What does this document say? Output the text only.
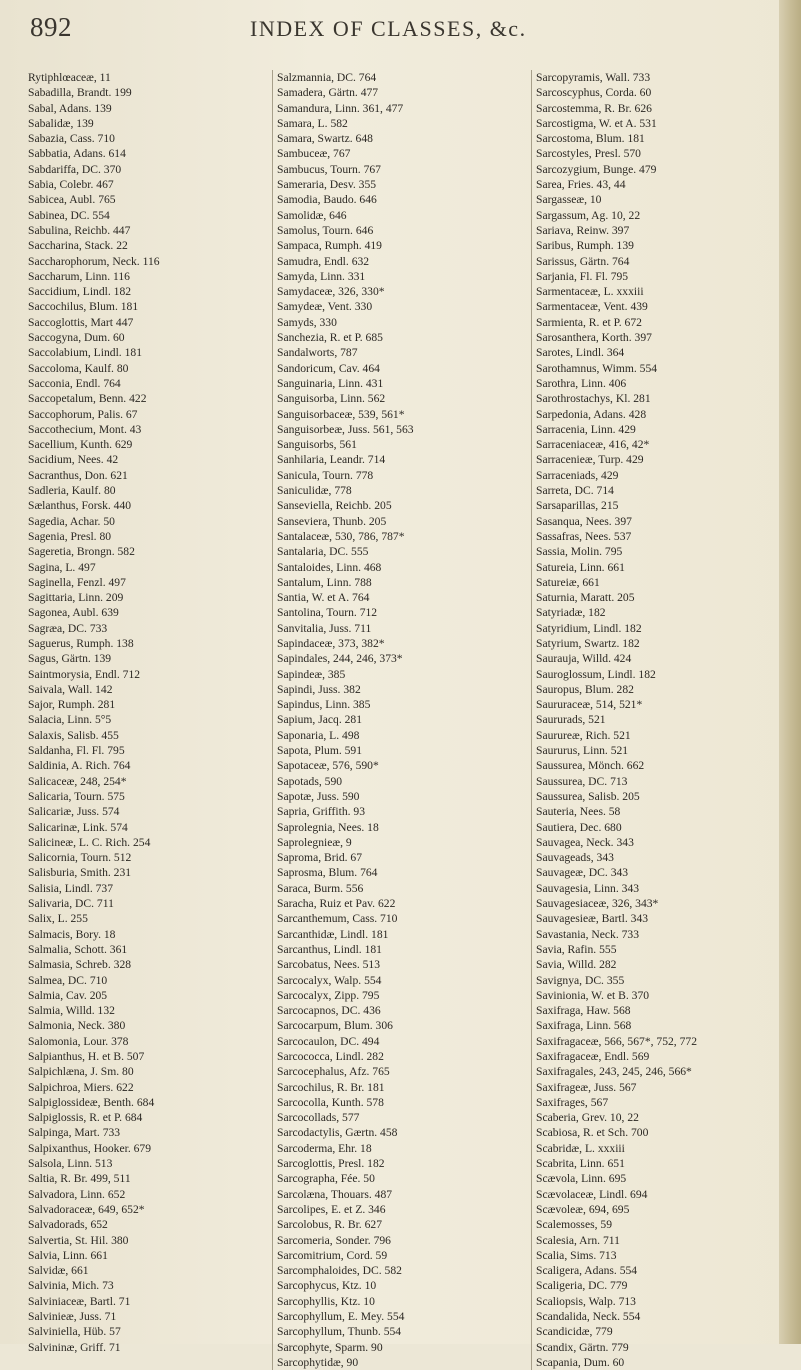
892	INDEX OF CLASSES, &c.
Rytiphlœaceæ, 11
Sabadilla, Brandt. 199
Sabal, Adans. 139
Sabalidæ, 139
Sabazia, Cass. 710
Sabbatia, Adans. 614
Sabdariffa, DC. 370
Sabia, Colebr. 467
Sabicea, Aubl. 765
Sabinea, DC. 554
Sabulina, Reichb. 447
Saccharina, Stack. 22
Saccharophorum, Neck. 116
Saccharum, Linn. 116
Saccidium, Lindl. 182
Saccochilus, Blum. 181
Saccoglottis, Mart 447
Saccogyna, Dum. 60
Saccolabium, Lindl. 181
Saccoloma, Kaulf. 80
Sacconia, Endl. 764
Saccopetalum, Benn. 422
Saccophorum, Palis. 67
Saccothecium, Mont. 43
Sacellium, Kunth. 629
Sacidium, Nees. 42
Sacranthus, Don. 621
Sadleria, Kaulf. 80
Sælanthus, Forsk. 440
Sagedia, Achar. 50
Sagenia, Presl. 80
Sageretia, Brongn. 582
Sagina, L. 497
Saginella, Fenzl. 497
Sagittaria, Linn. 209
Sagonea, Aubl. 639
Sagræa, DC. 733
Saguerus, Rumph. 138
Sagus, Gärtn. 139
Saintmorysia, Endl. 712
Saivala, Wall. 142
Sajor, Rumph. 281
Salacia, Linn. 5°5
Salaxis, Salisb. 455
Saldanha, Fl. Fl. 795
Saldinia, A. Rich. 764
Salicaceæ, 248, 254*
Salicaria, Tourn. 575
Salicariæ, Juss. 574
Salicarinæ, Link. 574
Salicineæ, L. C. Rich. 254
Salicornia, Tourn. 512
Salisburia, Smith. 231
Salisia, Lindl. 737
Salivaria, DC. 711
Salix, L. 255
Salmacis, Bory. 18
Salmalia, Schott. 361
Salmasia, Schreb. 328
Salmea, DC. 710
Salmia, Cav. 205
Salmia, Willd. 132
Salmonia, Neck. 380
Salomonia, Lour. 378
Salpianthus, H. et B. 507
Salpichlæna, J. Sm. 80
Salpichroa, Miers. 622
Salpiglossideæ, Benth. 684
Salpiglossis, R. et P. 684
Salpinga, Mart. 733
Salpixanthus, Hooker. 679
Salsola, Linn. 513
Saltia, R. Br. 499, 511
Salvadora, Linn. 652
Salvadoraceæ, 649, 652*
Salvadorads, 652
Salvertia, St. Hil. 380
Salvia, Linn. 661
Salvidæ, 661
Salvinia, Mich. 73
Salviniaceæ, Bartl. 71
Salvinieæ, Juss. 71
Salviniella, Hüb. 57
Salvininæ, Griff. 71
Salzmannia, DC. 764
Samadera, Gärtn. 477
Samandura, Linn. 361, 477
Samara, L. 582
Samara, Swartz. 648
Sambuceæ, 767
Sambucus, Tourn. 767
Sameraria, Desv. 355
Samodia, Baudo. 646
Samolidæ, 646
Samolus, Tourn. 646
Sampaca, Rumph. 419
Samudra, Endl. 632
Samyda, Linn. 331
Samydaceæ, 326, 330*
Samydeæ, Vent. 330
Samyds, 330
Sanchezia, R. et P. 685
Sandalworts, 787
Sandoricum, Cav. 464
Sanguinaria, Linn. 431
Sanguisorba, Linn. 562
Sanguisorbaceæ, 539, 561*
Sanguisorbeæ, Juss. 561, 563
Sanguisorbs, 561
Sanhilaria, Leandr. 714
Sanicula, Tourn. 778
Saniculidæ, 778
Sanseviella, Reichb. 205
Sanseviera, Thunb. 205
Santalaceæ, 530, 786, 787*
Santalaria, DC. 555
Santaloides, Linn. 468
Santalum, Linn. 788
Santia, W. et A. 764
Santolina, Tourn. 712
Sanvitalia, Juss. 711
Sapindaceæ, 373, 382*
Sapindales, 244, 246, 373*
Sapindeæ, 385
Sapindi, Juss. 382
Sapindus, Linn. 385
Sapium, Jacq. 281
Saponaria, L. 498
Sapota, Plum. 591
Sapotaceæ, 576, 590*
Sapotads, 590
Sapotæ, Juss. 590
Sapria, Griffith. 93
Saprolegnia, Nees. 18
Saprolegnieæ, 9
Saproma, Brid. 67
Saprosma, Blum. 764
Saraca, Burm. 556
Saracha, Ruiz et Pav. 622
Sarcanthemum, Cass. 710
Sarcanthidæ, Lindl. 181
Sarcanthus, Lindl. 181
Sarcobatus, Nees. 513
Sarcocalyx, Walp. 554
Sarcocalyx, Zipp. 795
Sarcocapnos, DC. 436
Sarcocarpum, Blum. 306
Sarcocaulon, DC. 494
Sarcococca, Lindl. 282
Sarcocephalus, Afz. 765
Sarcochilus, R. Br. 181
Sarcocolla, Kunth. 578
Sarcocollads, 577
Sarcodactylis, Gærtn. 458
Sarcoderma, Ehr. 18
Sarcoglottis, Presl. 182
Sarcographa, Fée. 50
Sarcolæna, Thouars. 487
Sarcolipes, E. et Z. 346
Sarcolobus, R. Br. 627
Sarcomeria, Sonder. 796
Sarcomitrium, Cord. 59
Sarcomphaloides, DC. 582
Sarcophycus, Ktz. 10
Sarcophyllis, Ktz. 10
Sarcophyllum, E. Mey. 554
Sarcophyllum, Thunb. 554
Sarcophyte, Sparm. 90
Sarcophytidæ, 90
Sarcopyramis, Wall. 733
Sarcoscyphus, Corda. 60
Sarcostemma, R. Br. 626
Sarcostigma, W. et A. 531
Sarcostoma, Blum. 181
Sarcostyles, Presl. 570
Sarcozygium, Bunge. 479
Sarea, Fries. 43, 44
Sargasseæ, 10
Sargassum, Ag. 10, 22
Sariava, Reinw. 397
Saribus, Rumph. 139
Sarissus, Gärtn. 764
Sarjania, Fl. Fl. 795
Sarmentaceæ, L. xxxiii
Sarmentaceæ, Vent. 439
Sarmienta, R. et P. 672
Sarosanthera, Korth. 397
Sarotes, Lindl. 364
Sarothamnus, Wimm. 554
Sarothra, Linn. 406
Sarothrostachys, Kl. 281
Sarpedonia, Adans. 428
Sarracenia, Linn. 429
Sarraceniaceæ, 416, 42*
Sarracenieæ, Turp. 429
Sarraceniads, 429
Sarreta, DC. 714
Sarsaparillas, 215
Sasanqua, Nees. 397
Sassafras, Nees. 537
Sassia, Molin. 795
Satureia, Linn. 661
Satureiæ, 661
Saturnia, Maratt. 205
Satyriadæ, 182
Satyridium, Lindl. 182
Satyrium, Swartz. 182
Saurauja, Willd. 424
Sauroglossum, Lindl. 182
Sauropus, Blum. 282
Saururaceæ, 514, 521*
Saururads, 521
Saurureæ, Rich. 521
Saururus, Linn. 521
Saussurea, Mönch. 662
Saussurea, DC. 713
Saussurea, Salisb. 205
Sauteria, Nees. 58
Sautiera, Dec. 680
Sauvagea, Neck. 343
Sauvageads, 343
Sauvageæ, DC. 343
Sauvagesia, Linn. 343
Sauvagesiaceæ, 326, 343*
Sauvagesieæ, Bartl. 343
Savastania, Neck. 733
Savia, Rafin. 555
Savia, Willd. 282
Savignya, DC. 355
Savinionia, W. et B. 370
Saxifraga, Haw. 568
Saxifraga, Linn. 568
Saxifragaceæ, 566, 567*, 752, 772
Saxifragaceæ, Endl. 569
Saxifragales, 243, 245, 246, 566*
Saxifrageæ, Juss. 567
Saxifrages, 567
Scaberia, Grev. 10, 22
Scabiosa, R. et Sch. 700
Scabridæ, L. xxxiii
Scabrita, Linn. 651
Scævola, Linn. 695
Scævolaceæ, Lindl. 694
Scævoleæ, 694, 695
Scalemosses, 59
Scalesia, Arn. 711
Scalia, Sims. 713
Scaligera, Adans. 554
Scaligeria, DC. 779
Scaliopsis, Walp. 713
Scandalida, Neck. 554
Scandicidæ, 779
Scandix, Gärtn. 779
Scapania, Dum. 60
